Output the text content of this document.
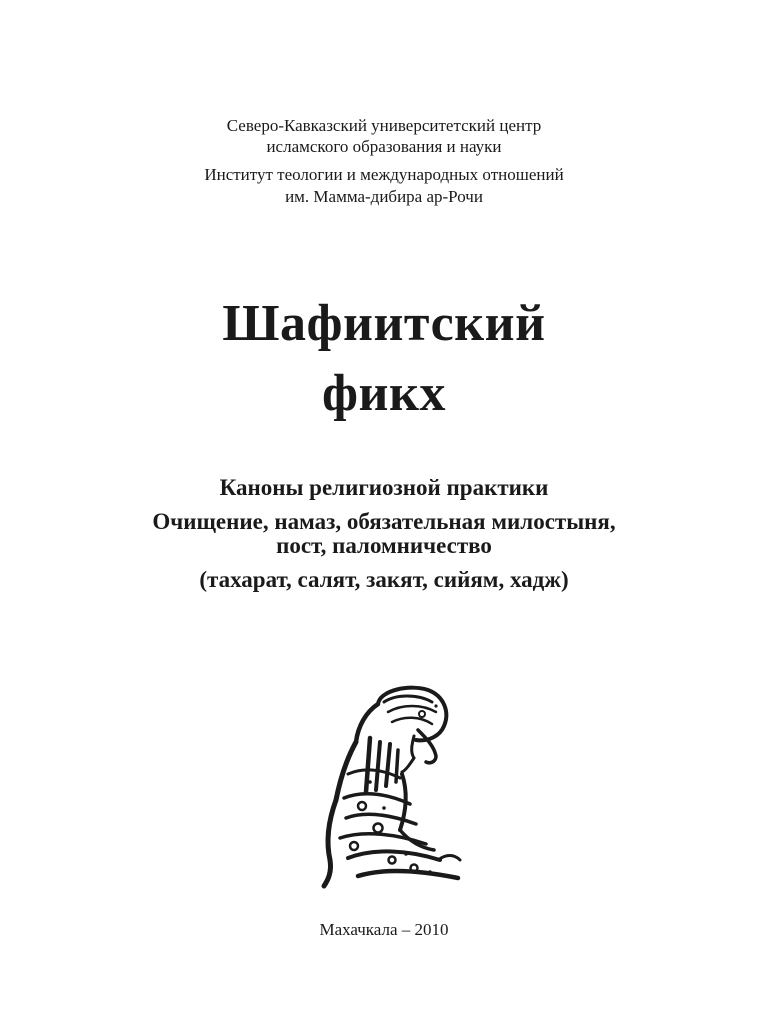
Северо-Кавказский университетский центр
исламского образования и науки
Институт теологии и международных отношений
им. Мамма-дибира ар-Рочи
Шафиитский
фикх
Каноны религиозной практики
Очищение, намаз, обязательная милостыня,
пост, паломничество
(тахарат, салят, закят, сийям, хадж)
Махачкала – 2010
